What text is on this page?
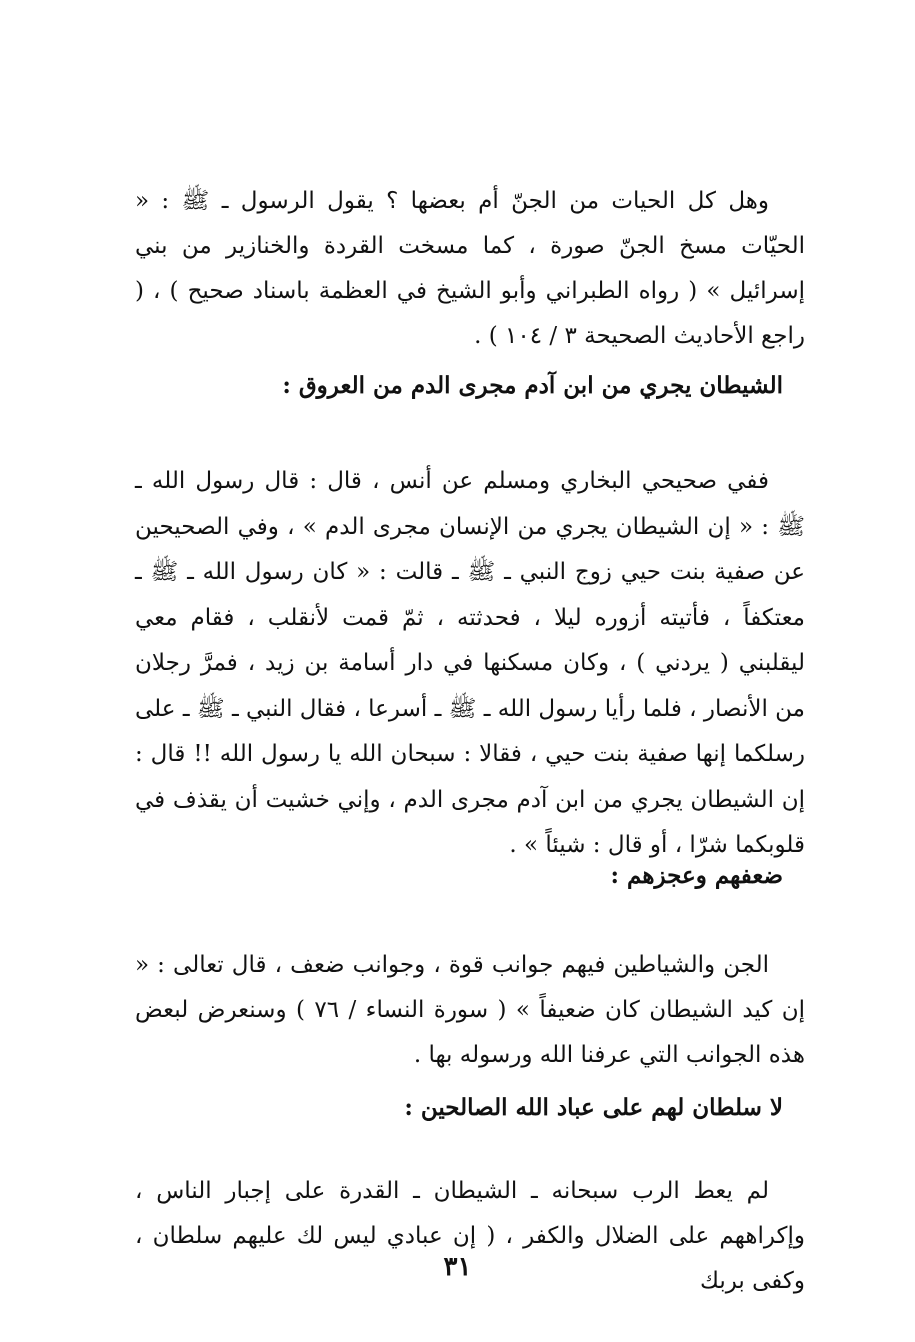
وهل كل الحيات من الجنّ أم بعضها ؟ يقول الرسول ـ ﷺ : « الحيّات مسخ الجنّ صورة ، كما مسخت القردة والخنازير من بني إسرائيل » ( رواه الطبراني وأبو الشيخ في العظمة باسناد صحيح ) ، ( راجع الأحاديث الصحيحة ٣ / ١٠٤ ) .

الشيطان يجري من ابن آدم مجرى الدم من العروق :

ففي صحيحي البخاري ومسلم عن أنس ، قال : قال رسول الله ـ ﷺ : « إن الشيطان يجري من الإنسان مجرى الدم » ، وفي الصحيحين عن صفية بنت حيي زوج النبي ـ ﷺ ـ قالت : « كان رسول الله ـ ﷺ ـ معتكفاً ، فأتيته أزوره ليلا ، فحدثته ، ثمّ قمت لأنقلب ، فقام معي ليقلبني ( يردني ) ، وكان مسكنها في دار أسامة بن زيد ، فمرَّ رجلان من الأنصار ، فلما رأيا رسول الله ـ ﷺ ـ أسرعا ، فقال النبي ـ ﷺ ـ على رسلكما إنها صفية بنت حيي ، فقالا : سبحان الله يا رسول الله !! قال : إن الشيطان يجري من ابن آدم مجرى الدم ، وإني خشيت أن يقذف في قلوبكما شرّا ، أو قال : شيئاً » .

ضعفهم وعجزهم :

الجن والشياطين فيهم جوانب قوة ، وجوانب ضعف ، قال تعالى : « إن كيد الشيطان كان ضعيفاً » ( سورة النساء / ٧٦ ) وسنعرض لبعض هذه الجوانب التي عرفنا الله ورسوله بها .

لا سلطان لهم على عباد الله الصالحين :

لم يعط الرب سبحانه ـ الشيطان ـ القدرة على إجبار الناس ، وإكراههم على الضلال والكفر ، ( إن عبادي ليس لك عليهم سلطان ، وكفى بربك

٣١
